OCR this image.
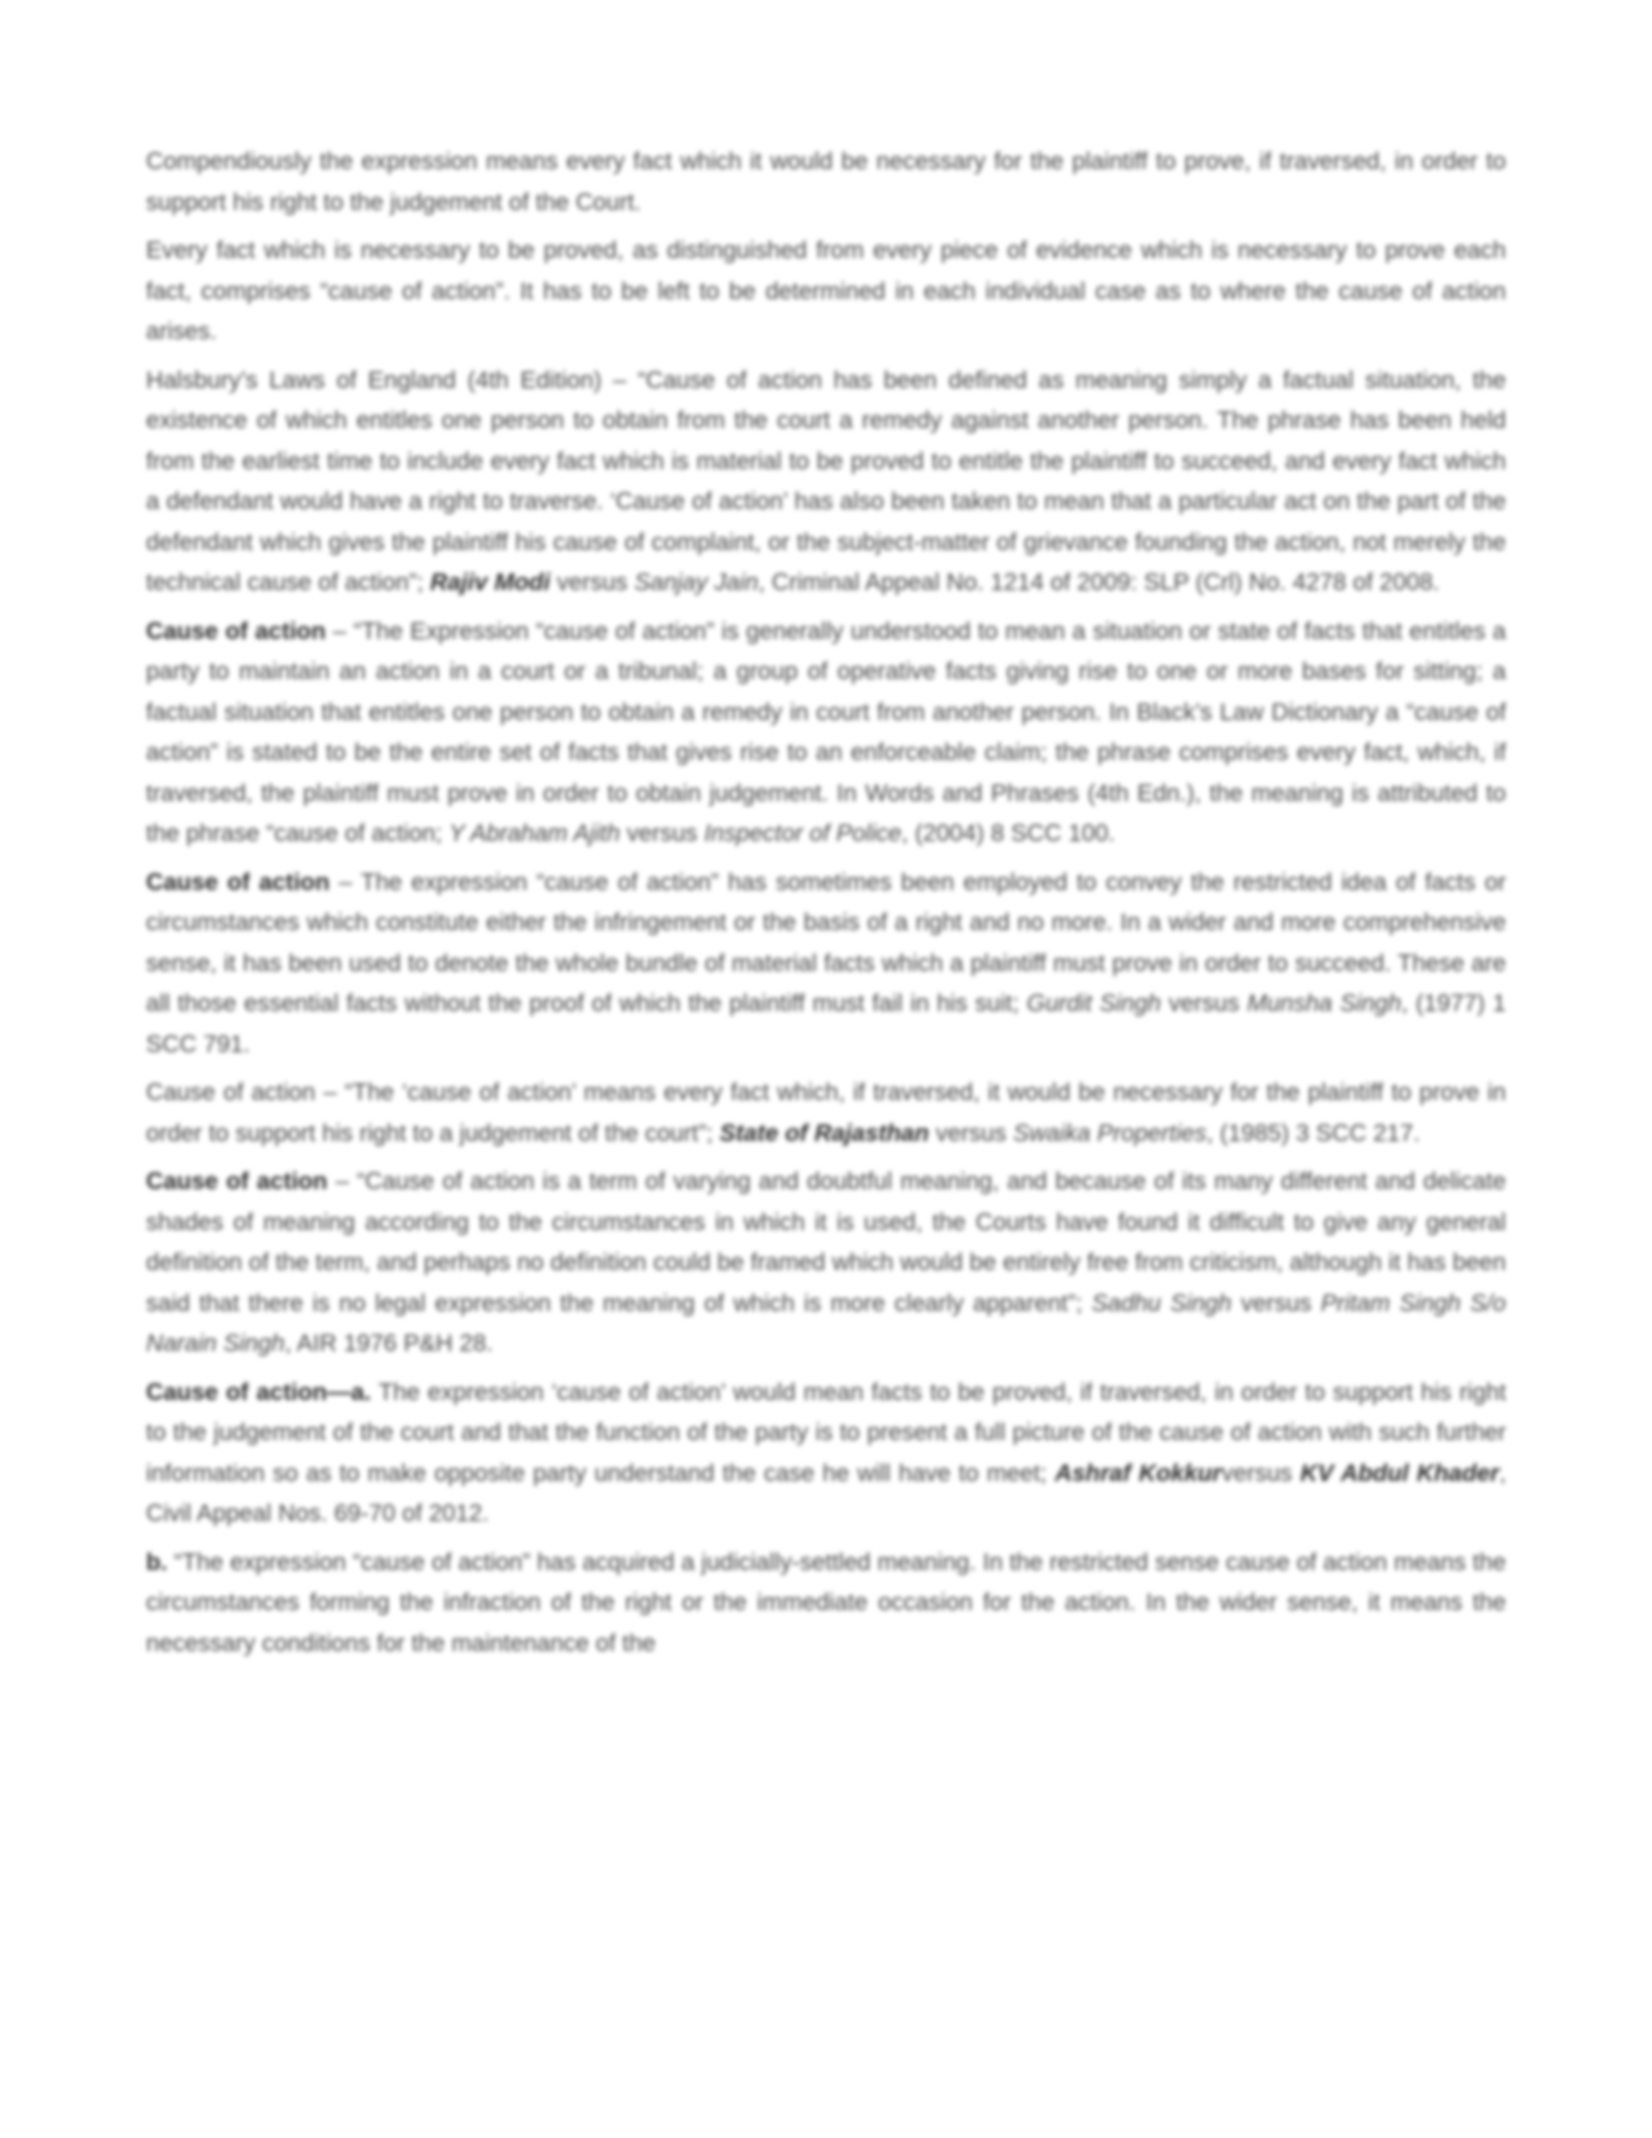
Compendiously the expression means every fact which it would be necessary for the plaintiff to prove, if traversed, in order to support his right to the judgement of the Court.

Every fact which is necessary to be proved, as distinguished from every piece of evidence which is necessary to prove each fact, comprises “cause of action”. It has to be left to be determined in each individual case as to where the cause of action arises.

Halsbury’s Laws of England (4th Edition) – “Cause of action has been defined as meaning simply a factual situation, the existence of which entitles one person to obtain from the court a remedy against another person. The phrase has been held from the earliest time to include every fact which is material to be proved to entitle the plaintiff to succeed, and every fact which a defendant would have a right to traverse. ‘Cause of action’ has also been taken to mean that a particular act on the part of the defendant which gives the plaintiff his cause of complaint, or the subject-matter of grievance founding the action, not merely the technical cause of action”; Rajiv Modi versus Sanjay Jain, Criminal Appeal No. 1214 of 2009: SLP (Crl) No. 4278 of 2008.

Cause of action – “The Expression “cause of action” is generally understood to mean a situation or state of facts that entitles a party to maintain an action in a court or a tribunal; a group of operative facts giving rise to one or more bases for sitting; a factual situation that entitles one person to obtain a remedy in court from another person. In Black’s Law Dictionary a “cause of action” is stated to be the entire set of facts that gives rise to an enforceable claim; the phrase comprises every fact, which, if traversed, the plaintiff must prove in order to obtain judgement. In Words and Phrases (4th Edn.), the meaning is attributed to the phrase “cause of action; Y Abraham Ajith versus Inspector of Police, (2004) 8 SCC 100.

Cause of action – The expression “cause of action” has sometimes been employed to convey the restricted idea of facts or circumstances which constitute either the infringement or the basis of a right and no more. In a wider and more comprehensive sense, it has been used to denote the whole bundle of material facts which a plaintiff must prove in order to succeed. These are all those essential facts without the proof of which the plaintiff must fail in his suit; Gurdit Singh versus Munsha Singh, (1977) 1 SCC 791.

Cause of action – “The ‘cause of action’ means every fact which, if traversed, it would be necessary for the plaintiff to prove in order to support his right to a judgement of the court”; State of Rajasthan versus Swaika Properties, (1985) 3 SCC 217.

Cause of action – “Cause of action is a term of varying and doubtful meaning, and because of its many different and delicate shades of meaning according to the circumstances in which it is used, the Courts have found it difficult to give any general definition of the term, and perhaps no definition could be framed which would be entirely free from criticism, although it has been said that there is no legal expression the meaning of which is more clearly apparent”; Sadhu Singh versus Pritam Singh S/o Narain Singh, AIR 1976 P&H 28.

Cause of action—a. The expression ‘cause of action’ would mean facts to be proved, if traversed, in order to support his right to the judgement of the court and that the function of the party is to present a full picture of the cause of action with such further information so as to make opposite party understand the case he will have to meet; Ashraf Kokkurversus KV Abdul Khader, Civil Appeal Nos. 69-70 of 2012.

b. “The expression “cause of action” has acquired a judicially-settled meaning. In the restricted sense cause of action means the circumstances forming the infraction of the right or the immediate occasion for the action. In the wider sense, it means the necessary conditions for the maintenance of the
